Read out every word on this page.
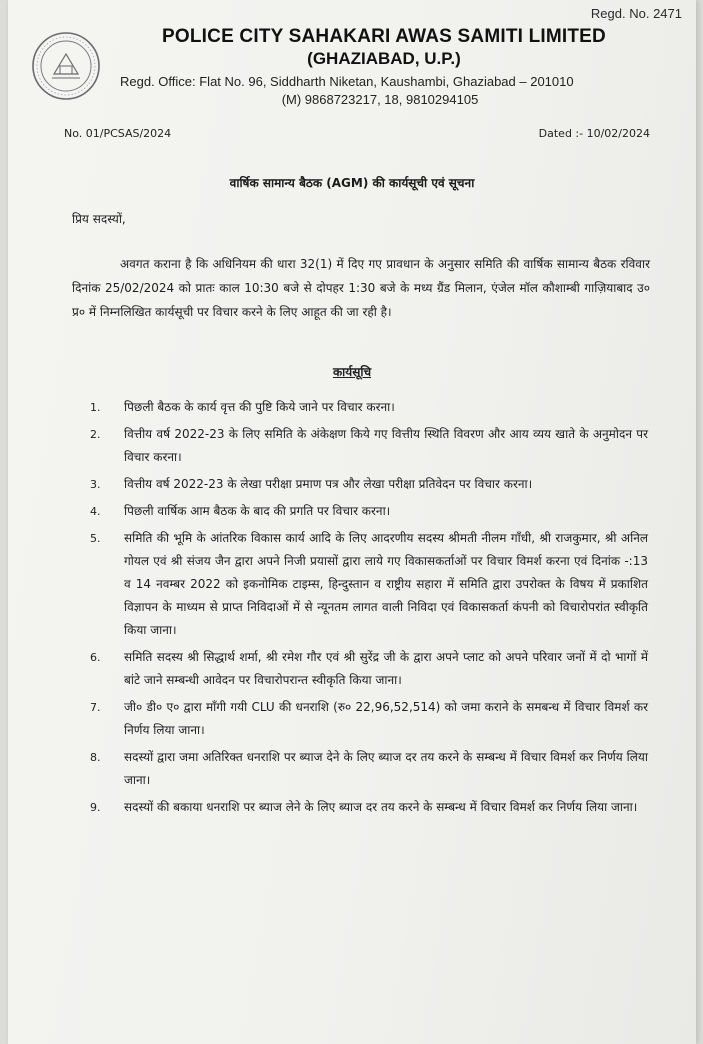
Regd. No. 2471
POLICE CITY SAHAKARI AWAS SAMITI LIMITED
(GHAZIABAD, U.P.)
Regd. Office: Flat No. 96, Siddharth Niketan, Kaushambi, Ghaziabad – 201010
(M) 9868723217, 18, 9810294105
No. 01/PCSAS/2024	Dated :- 10/02/2024
वार्षिक सामान्य बैठक (AGM) की कार्यसूची एवं सूचना
प्रिय सदस्यों,

अवगत कराना है कि अधिनियम की धारा 32(1) में दिए गए प्रावधान के अनुसार समिति की वार्षिक सामान्य बैठक रविवार दिनांक 25/02/2024 को प्रातः काल 10:30 बजे से दोपहर 1:30 बजे के मध्य ग्रैंड मिलान, एंजेल मॉल कौशाम्बी गाज़ियाबाद उ० प्र० में निम्नलिखित कार्यसूची पर विचार करने के लिए आहूत की जा रही है।

कार्यसूचि
1.	पिछली बैठक के कार्य वृत्त की पुष्टि किये जाने पर विचार करना।
2.	वित्तीय वर्ष 2022-23 के लिए समिति के अंकेक्षण किये गए वित्तीय स्थिति विवरण और आय व्यय खाते के अनुमोदन पर विचार करना।
3.	वित्तीय वर्ष 2022-23 के लेखा परीक्षा प्रमाण पत्र और लेखा परीक्षा प्रतिवेदन पर विचार करना।
4.	पिछली वार्षिक आम बैठक के बाद की प्रगति पर विचार करना।
5.	समिति की भूमि के आंतरिक विकास कार्य आदि के लिए आदरणीय सदस्य श्रीमती नीलम गाँधी, श्री राजकुमार, श्री अनिल गोयल एवं श्री संजय जैन द्वारा अपने निजी प्रयासों द्वारा लाये गए विकासकर्ताओं पर विचार विमर्श करना एवं दिनांक -:13 व 14 नवम्बर 2022 को इकनोमिक टाइम्स, हिन्दुस्तान व राष्ट्रीय सहारा में समिति द्वारा उपरोक्त के विषय में प्रकाशित विज्ञापन के माध्यम से प्राप्त निविदाओं में से न्यूनतम लागत वाली निविदा एवं विकासकर्ता कंपनी को विचारोपरांत स्वीकृति किया जाना।
6.	समिति सदस्य श्री सिद्धार्थ शर्मा, श्री रमेश गौर एवं श्री सुरेंद्र जी के द्वारा अपने प्लाट को अपने परिवार जनों में दो भागों में बांटे जाने सम्बन्धी आवेदन पर विचारोपरान्त स्वीकृति किया जाना।
7.	जी० डी० ए० द्वारा माँगी गयी CLU की धनराशि (रु० 22,96,52,514) को जमा कराने के समबन्ध में विचार विमर्श कर निर्णय लिया जाना।
8.	सदस्यों द्वारा जमा अतिरिक्त धनराशि पर ब्याज देने के लिए ब्याज दर तय करने के सम्बन्ध में विचार विमर्श कर निर्णय लिया जाना।
9.	सदस्यों की बकाया धनराशि पर ब्याज लेने के लिए ब्याज दर तय करने के सम्बन्ध में विचार विमर्श कर निर्णय लिया जाना।
